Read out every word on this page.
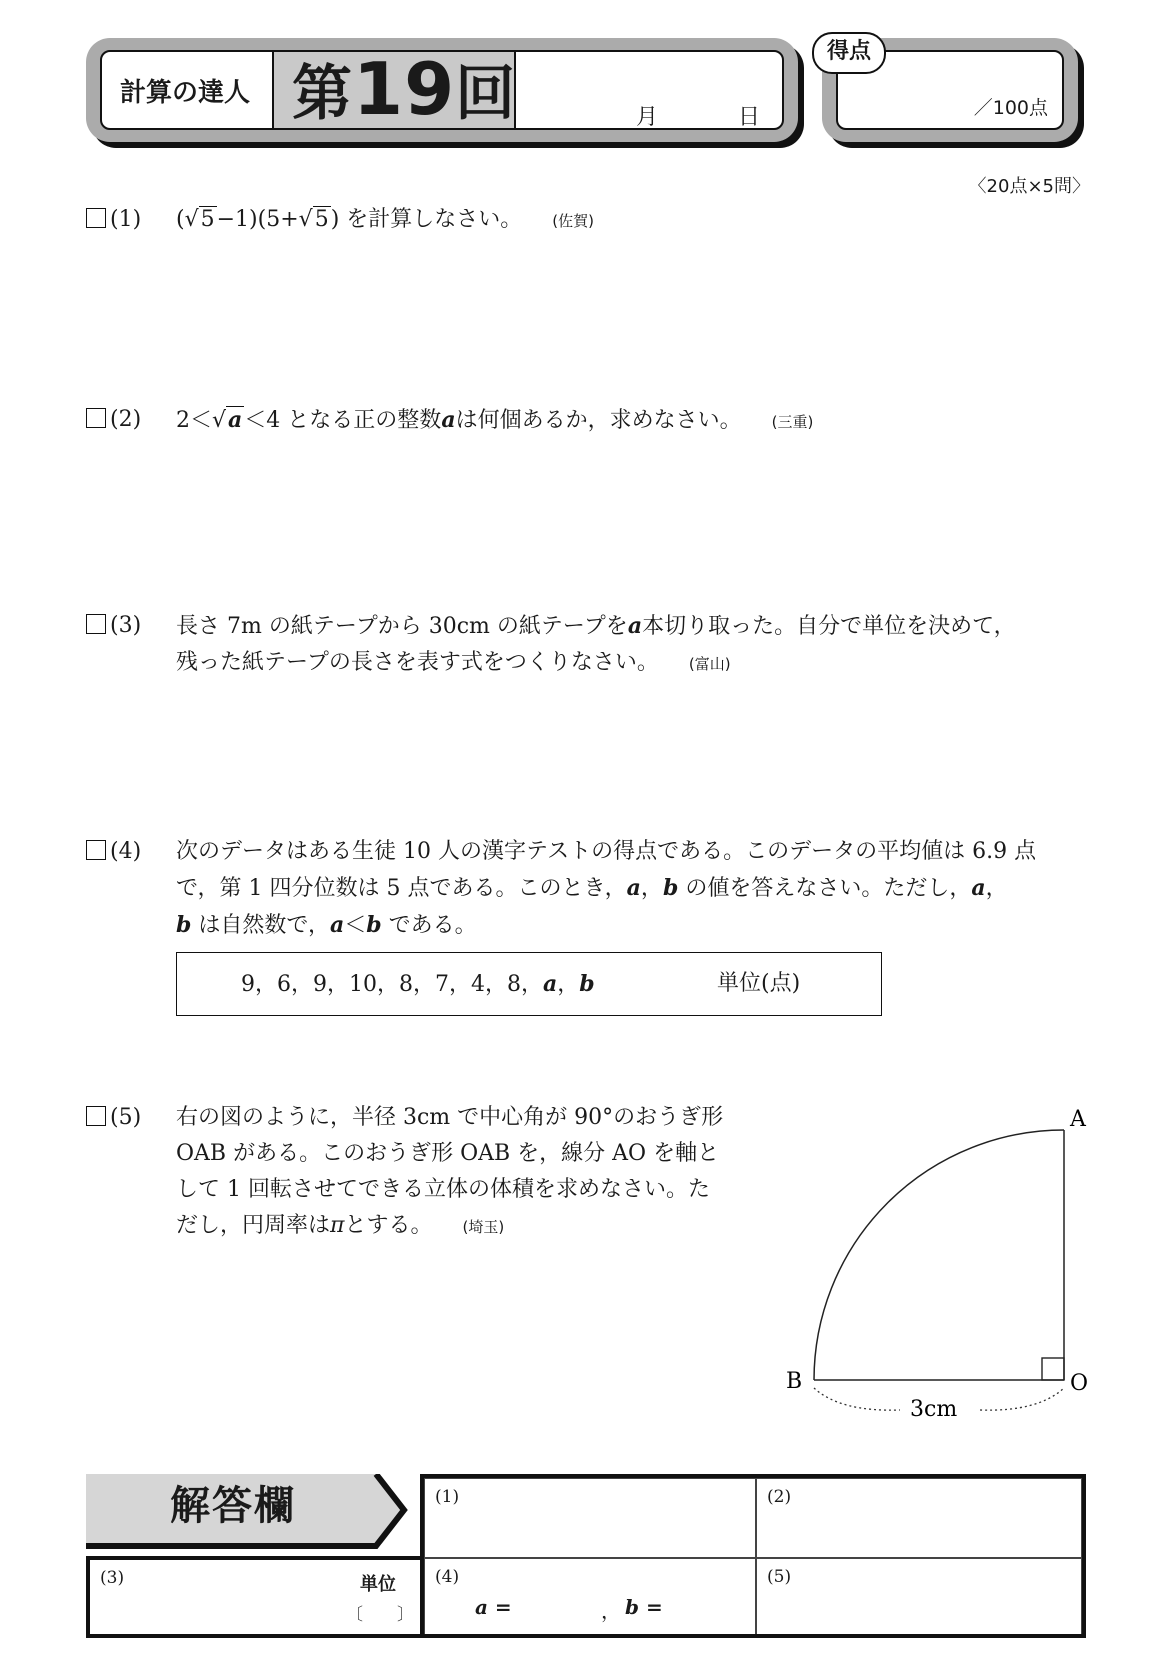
計算の達人 第19回	月	日	／100点
得点
〈20点×5問〉
(1) (√5−1)(5+√5) を計算しなさい。 (佐賀)
(2) 2＜√a＜4 となる正の整数aは何個あるか，求めなさい。 (三重)
(3) 長さ 7m の紙テープから 30cm の紙テープをa本切り取った。自分で単位を決めて，
残った紙テープの長さを表す式をつくりなさい。 (富山)
(4) 次のデータはある生徒 10 人の漢字テストの得点である。このデータの平均値は 6.9 点
で，第 1 四分位数は 5 点である。このとき，a，b の値を答えなさい。ただし，a，
b は自然数で，a＜b である。
9，6，9，10，8，7，4，8，a，b	単位(点)
(5) 右の図のように，半径 3cm で中心角が 90°のおうぎ形
OAB がある。このおうぎ形 OAB を，線分 AO を軸と
して 1 回転させてできる立体の体積を求めなさい。た
だし，円周率はπとする。 (埼玉)
A
B	O
3cm
解答欄	(1)	(2)
(3)	単位
〔　　〕
(4)
a =	， b =
(5)
